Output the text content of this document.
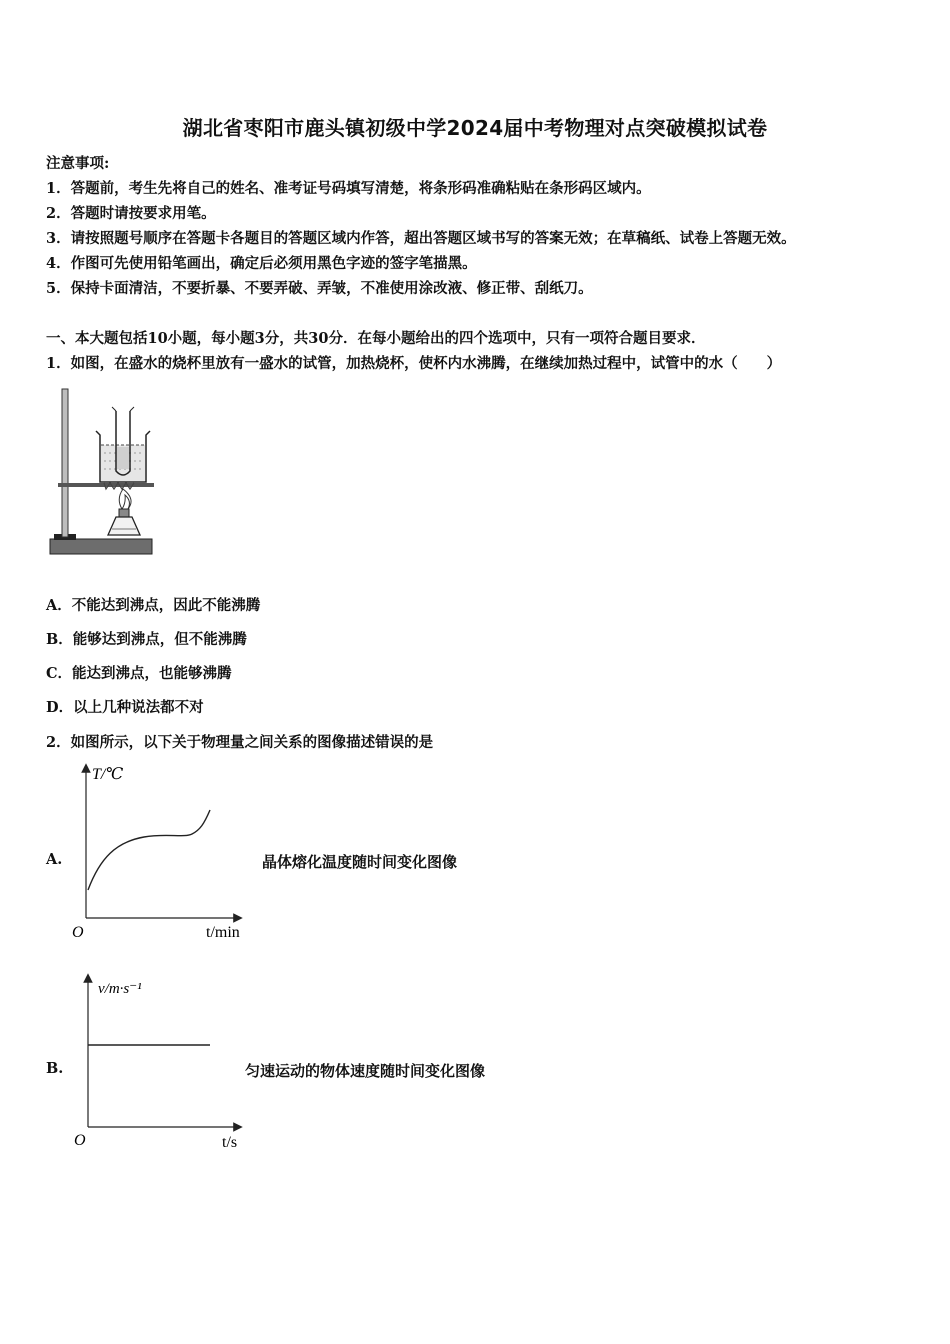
湖北省枣阳市鹿头镇初级中学2024届中考物理对点突破模拟试卷
注意事项:
1．答题前，考生先将自己的姓名、准考证号码填写清楚，将条形码准确粘贴在条形码区域内。
2．答题时请按要求用笔。
3．请按照题号顺序在答题卡各题目的答题区域内作答，超出答题区域书写的答案无效；在草稿纸、试卷上答题无效。
4．作图可先使用铅笔画出，确定后必须用黑色字迹的签字笔描黑。
5．保持卡面清洁，不要折暴、不要弄破、弄皱，不准使用涂改液、修正带、刮纸刀。
一、本大题包括10小题，每小题3分，共30分．在每小题给出的四个选项中，只有一项符合题目要求．
1．如图，在盛水的烧杯里放有一盛水的试管，加热烧杯，使杯内水沸腾，在继续加热过程中，试管中的水（　　）
A．不能达到沸点，因此不能沸腾
B．能够达到沸点，但不能沸腾
C．能达到沸点，也能够沸腾
D．以上几种说法都不对
2．如图所示，以下关于物理量之间关系的图像描述错误的是
A.
T/℃
O	t/min
晶体熔化温度随时间变化图像
B.
v/m·s⁻¹
O	t/s
匀速运动的物体速度随时间变化图像
